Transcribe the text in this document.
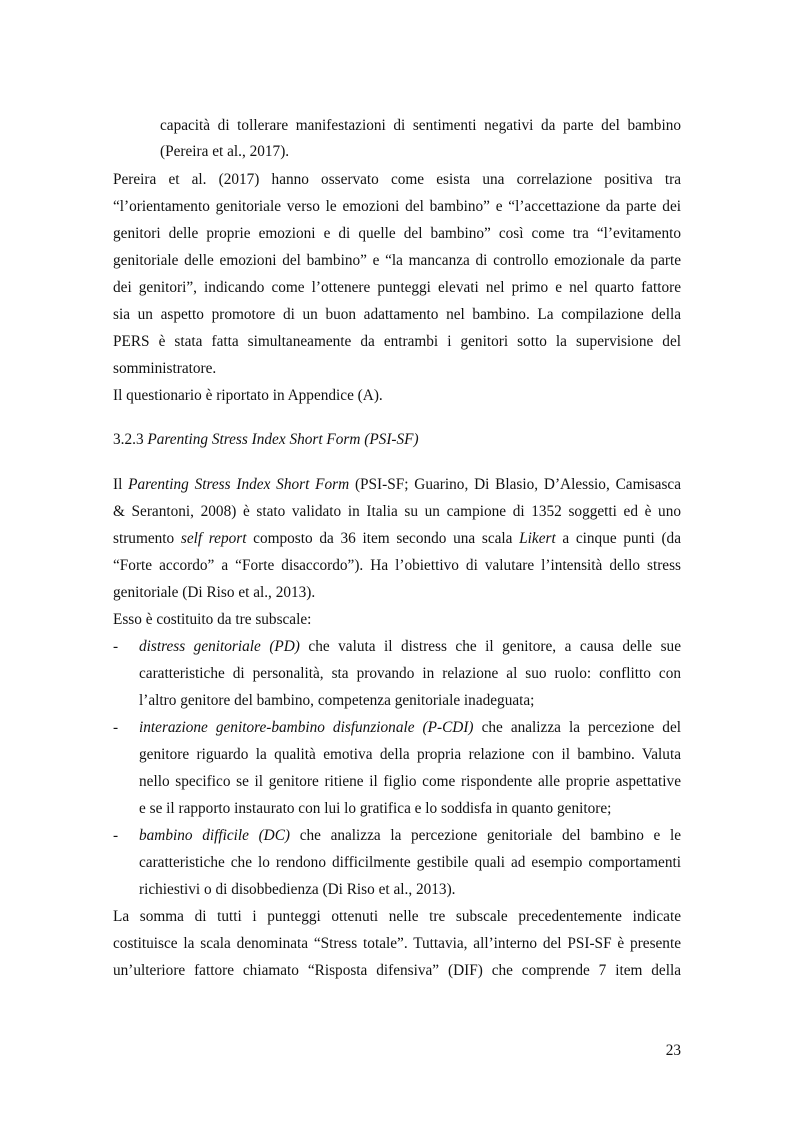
capacità di tollerare manifestazioni di sentimenti negativi da parte del bambino
(Pereira et al., 2017).
Pereira et al. (2017) hanno osservato come esista una correlazione positiva tra
“l’orientamento genitoriale verso le emozioni del bambino” e “l’accettazione da parte dei
genitori delle proprie emozioni e di quelle del bambino” così come tra “l’evitamento
genitoriale delle emozioni del bambino” e “la mancanza di controllo emozionale da parte
dei genitori”, indicando come l’ottenere punteggi elevati nel primo e nel quarto fattore
sia un aspetto promotore di un buon adattamento nel bambino. La compilazione della
PERS è stata fatta simultaneamente da entrambi i genitori sotto la supervisione del
somministratore.
Il questionario è riportato in Appendice (A).
3.2.3 Parenting Stress Index Short Form (PSI-SF)
Il Parenting Stress Index Short Form (PSI-SF; Guarino, Di Blasio, D’Alessio, Camisasca
& Serantoni, 2008) è stato validato in Italia su un campione di 1352 soggetti ed è uno
strumento self report composto da 36 item secondo una scala Likert a cinque punti (da
“Forte accordo” a “Forte disaccordo”). Ha l’obiettivo di valutare l’intensità dello stress
genitoriale (Di Riso et al., 2013).
Esso è costituito da tre subscale:
- distress genitoriale (PD) che valuta il distress che il genitore, a causa delle sue
caratteristiche di personalità, sta provando in relazione al suo ruolo: conflitto con
l’altro genitore del bambino, competenza genitoriale inadeguata;
- interazione genitore-bambino disfunzionale (P-CDI) che analizza la percezione del
genitore riguardo la qualità emotiva della propria relazione con il bambino. Valuta
nello specifico se il genitore ritiene il figlio come rispondente alle proprie aspettative
e se il rapporto instaurato con lui lo gratifica e lo soddisfa in quanto genitore;
- bambino difficile (DC) che analizza la percezione genitoriale del bambino e le
caratteristiche che lo rendono difficilmente gestibile quali ad esempio comportamenti
richiestivi o di disobbedienza (Di Riso et al., 2013).
La somma di tutti i punteggi ottenuti nelle tre subscale precedentemente indicate
costituisce la scala denominata “Stress totale”. Tuttavia, all’interno del PSI-SF è presente
un’ulteriore fattore chiamato “Risposta difensiva” (DIF) che comprende 7 item della
23
